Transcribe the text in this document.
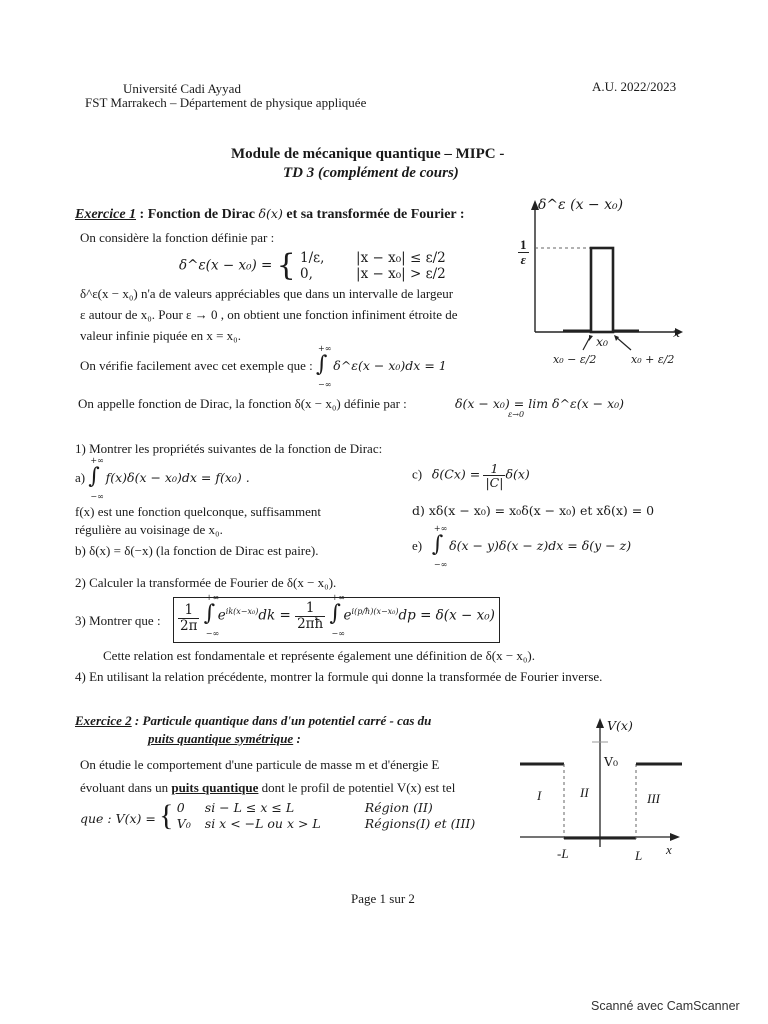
Université Cadi Ayyad
FST Marrakech – Département de physique appliquée
A.U. 2022/2023
Module de mécanique quantique – MIPC -
TD 3 (complément de cours)
Exercice 1 : Fonction de Dirac δ(x) et sa transformée de Fourier :
On considère la fonction définie par :
δ^ε(x − x₀) = { 1/ε, |x − x₀| ≤ ε/2
0,	|x − x₀| > ε/2
δ^ε(x − x₀) n'a de valeurs appréciables que dans un intervalle de largeur
ε autour de x₀. Pour ε → 0 , on obtient une fonction infiniment étroite de
valeur infinie piquée en x = x₀.
On vérifie facilement avec cet exemple que :
+∞
∫
−∞
δ^ε(x − x₀)dx = 1
On appelle fonction de Dirac, la fonction δ(x − x₀) définie par :	δ(x − x₀) = lim δ^ε(x − x₀)
ε→0
δ^ε (x − x₀)
$\frac{1}{\varepsilon}$
x
x₀
x₀ − ε/2	x₀ + ε/2
1) Montrer les propriétés suivantes de la fonction de Dirac:
a)
+∞
∫
−∞
f(x)δ(x − x₀)dx = f(x₀) .
f(x) est une fonction quelconque, suffisamment
régulière au voisinage de x₀.
b) δ(x) = δ(−x) (la fonction de Dirac est paire).
c) $\delta(Cx) = \frac{1}{|C|} \delta(x)$
d) xδ(x − x₀) = x₀δ(x − x₀) et xδ(x) = 0
e)
+∞
∫
−∞
δ(x − y)δ(x − z)dx = δ(y − z)
2) Calculer la transformée de Fourier de δ(x − x₀).
3) Montrer que : $\frac{1}{2\pi}$

+∞
∫
−∞
$e^{ik(x-x_0)}dk = \frac{1}{2\pi ħ}$

+∞
∫
−∞
$e^{i(p/ħ)(x-x_0)}dp = \delta(x - x_0)$
Cette relation est fondamentale et représente également une définition de δ(x − x₀).
4) En utilisant la relation précédente, montrer la formule qui donne la transformée de Fourier inverse.
Exercice 2 : Particule quantique dans d'un potentiel carré - cas du
puits quantique symétrique :
On étudie le comportement d'une particule de masse m et d'énergie E
évoluant dans un puits quantique dont le profil de potentiel V(x) est tel
que : V(x) = { 0 si − L ≤ x ≤ L	Région (II)
V₀ si x < −L ou x > L	Régions(I) et (III)
V(x)
V₀
I	II	III
-L	L x
Page 1 sur 2
Scanné avec CamScanner
